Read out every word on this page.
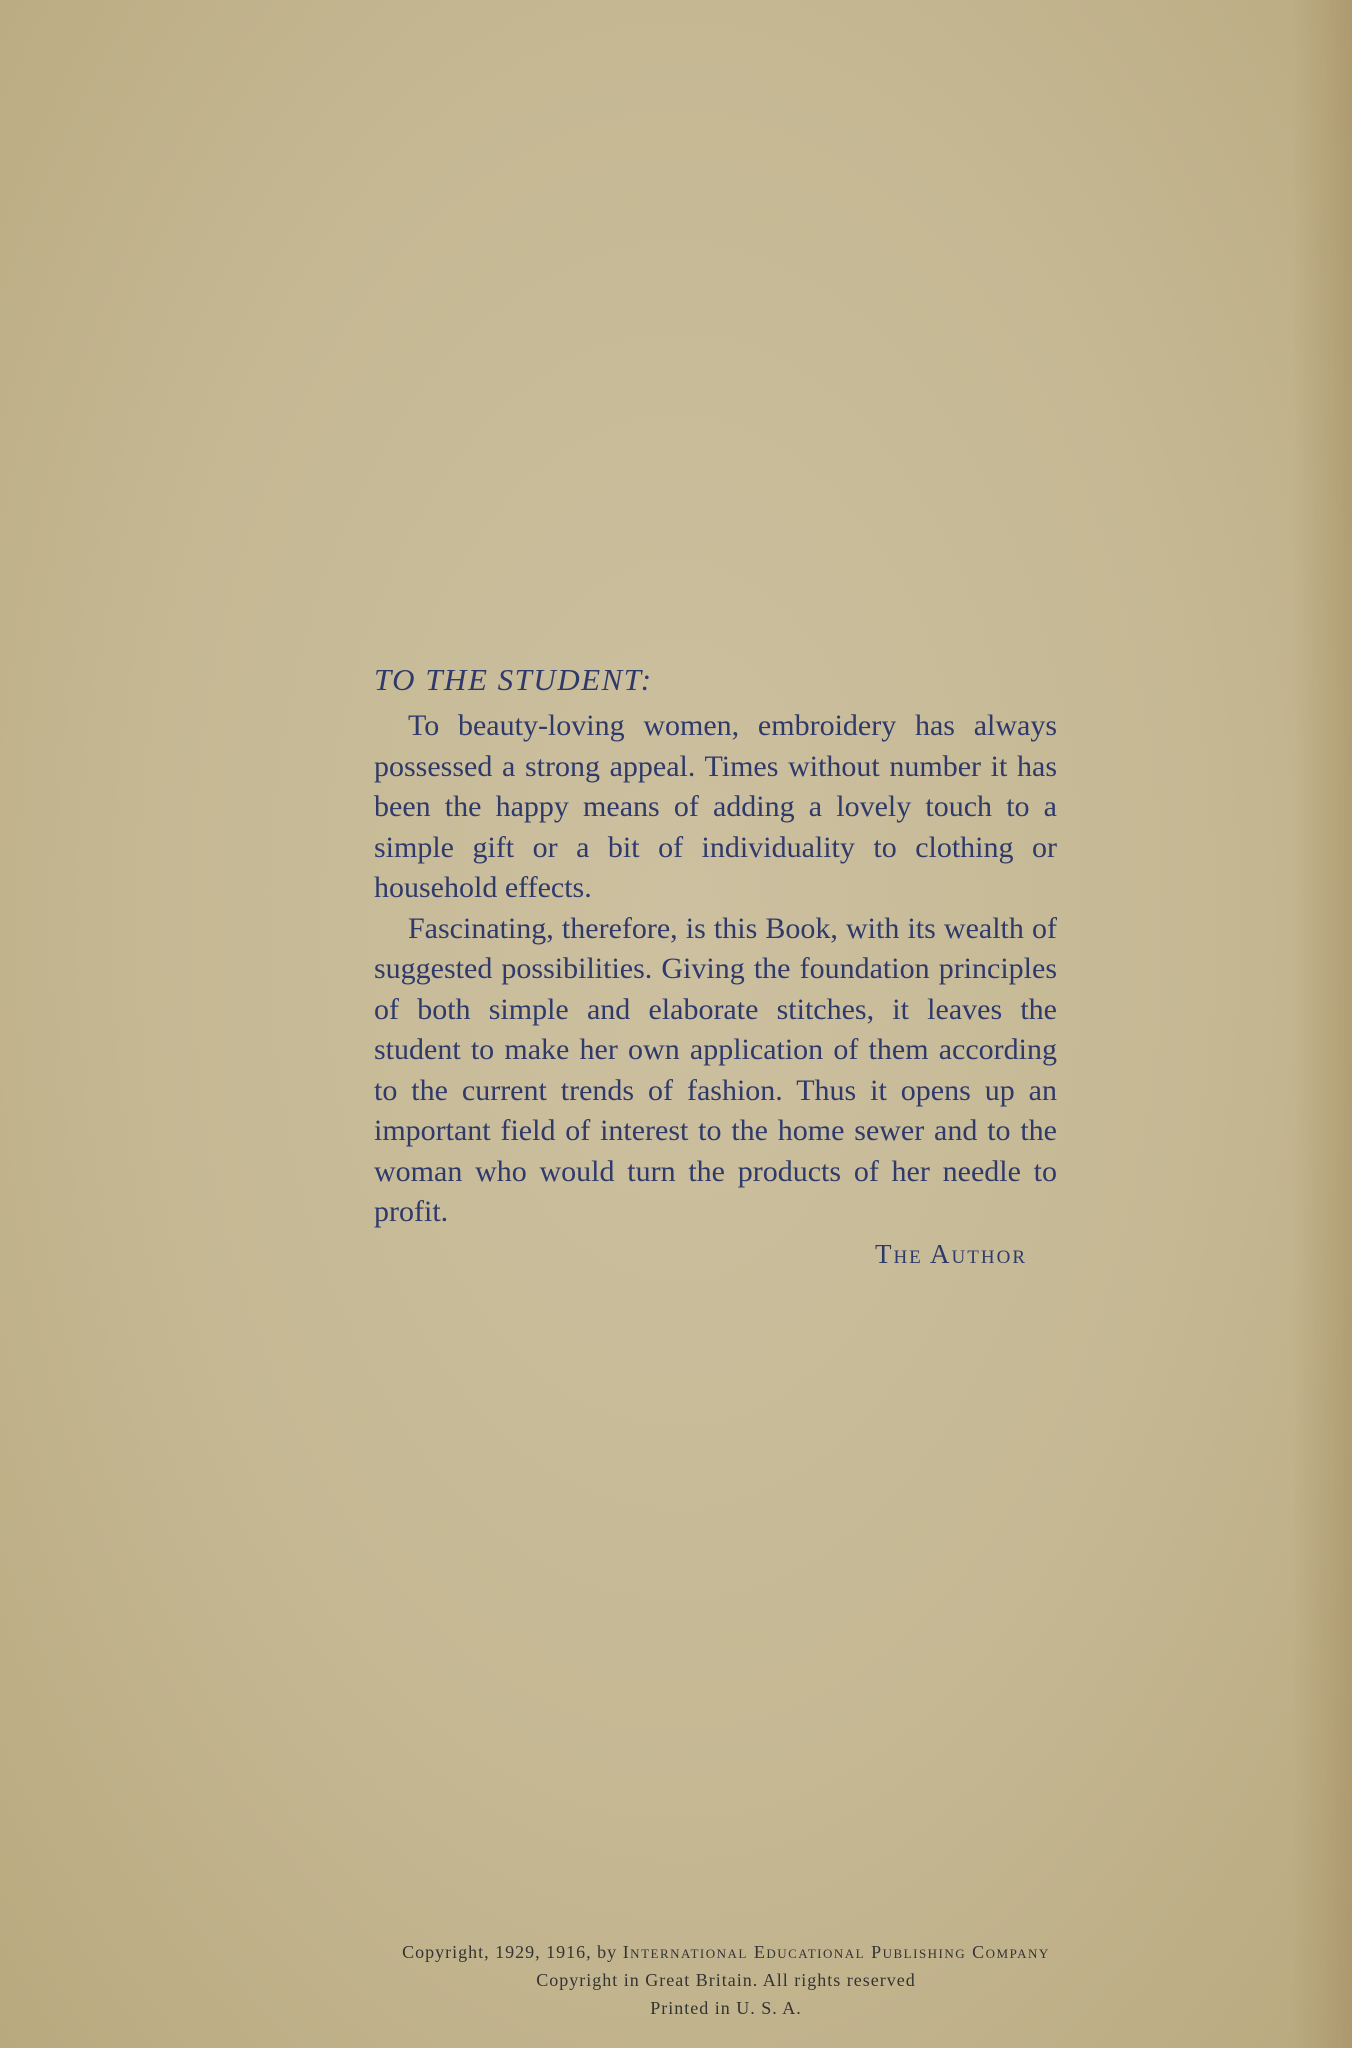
TO THE STUDENT:

To beauty-loving women, embroidery has always possessed a strong appeal. Times without number it has been the happy means of adding a lovely touch to a simple gift or a bit of individuality to clothing or household effects.

Fascinating, therefore, is this Book, with its wealth of suggested possibilities. Giving the foundation principles of both simple and elaborate stitches, it leaves the student to make her own application of them according to the current trends of fashion. Thus it opens up an important field of interest to the home sewer and to the woman who would turn the products of her needle to profit.

The Author
Copyright, 1929, 1916, by International Educational Publishing Company
Copyright in Great Britain. All rights reserved
Printed in U. S. A.
